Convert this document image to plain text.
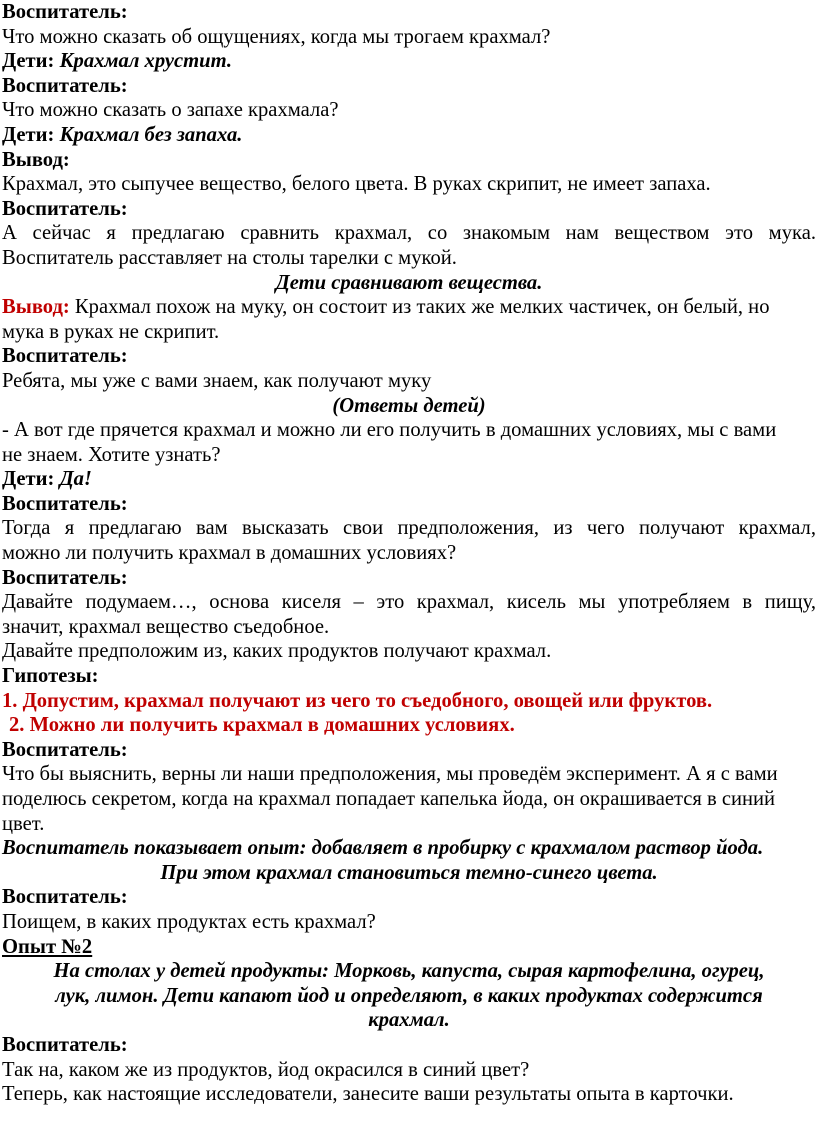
Воспитатель:

Что можно сказать об ощущениях, когда мы трогаем крахмал?

Дети: Крахмал хрустит.

Воспитатель:

Что можно сказать о запахе крахмала?

Дети: Крахмал без запаха.

Вывод:

Крахмал, это сыпучее вещество, белого цвета. В руках скрипит, не имеет запаха.

Воспитатель:

А сейчас я предлагаю сравнить крахмал, со знакомым нам веществом это мука.

Воспитатель расставляет на столы тарелки с мукой.

Дети сравнивают вещества.

Вывод: Крахмал похож на муку, он состоит из таких же мелких частичек, он белый, но

мука в руках не скрипит.

Воспитатель:

Ребята, мы уже с вами знаем, как получают муку

(Ответы детей)

- А вот где прячется крахмал и можно ли его получить в домашних условиях, мы с вами

не знаем. Хотите узнать?

Дети: Да!

Воспитатель:

Тогда я предлагаю вам высказать свои предположения, из чего получают крахмал,

можно ли получить крахмал в домашних условиях?

Воспитатель:

Давайте подумаем…, основа киселя – это крахмал, кисель мы употребляем в пищу,

значит, крахмал вещество съедобное.

Давайте предположим из, каких продуктов получают крахмал.

Гипотезы:

1. Допустим, крахмал получают из чего то съедобного, овощей или фруктов.

2. Можно ли получить крахмал в домашних условиях.

Воспитатель:

Что бы выяснить, верны ли наши предположения, мы проведём эксперимент. А я с вами

поделюсь секретом, когда на крахмал попадает капелька йода, он окрашивается в синий

цвет.

Воспитатель показывает опыт: добавляет в пробирку с крахмалом раствор йода.

При этом крахмал становиться темно-синего цвета.

Воспитатель:

Поищем, в каких продуктах есть крахмал?

Опыт №2

На столах у детей продукты: Морковь, капуста, сырая картофелина, огурец,

лук, лимон. Дети капают йод и определяют, в каких продуктах содержится

крахмал.

Воспитатель:

Так на, каком же из продуктов, йод окрасился в синий цвет?

Теперь, как настоящие исследователи, занесите ваши результаты опыта в карточки.
